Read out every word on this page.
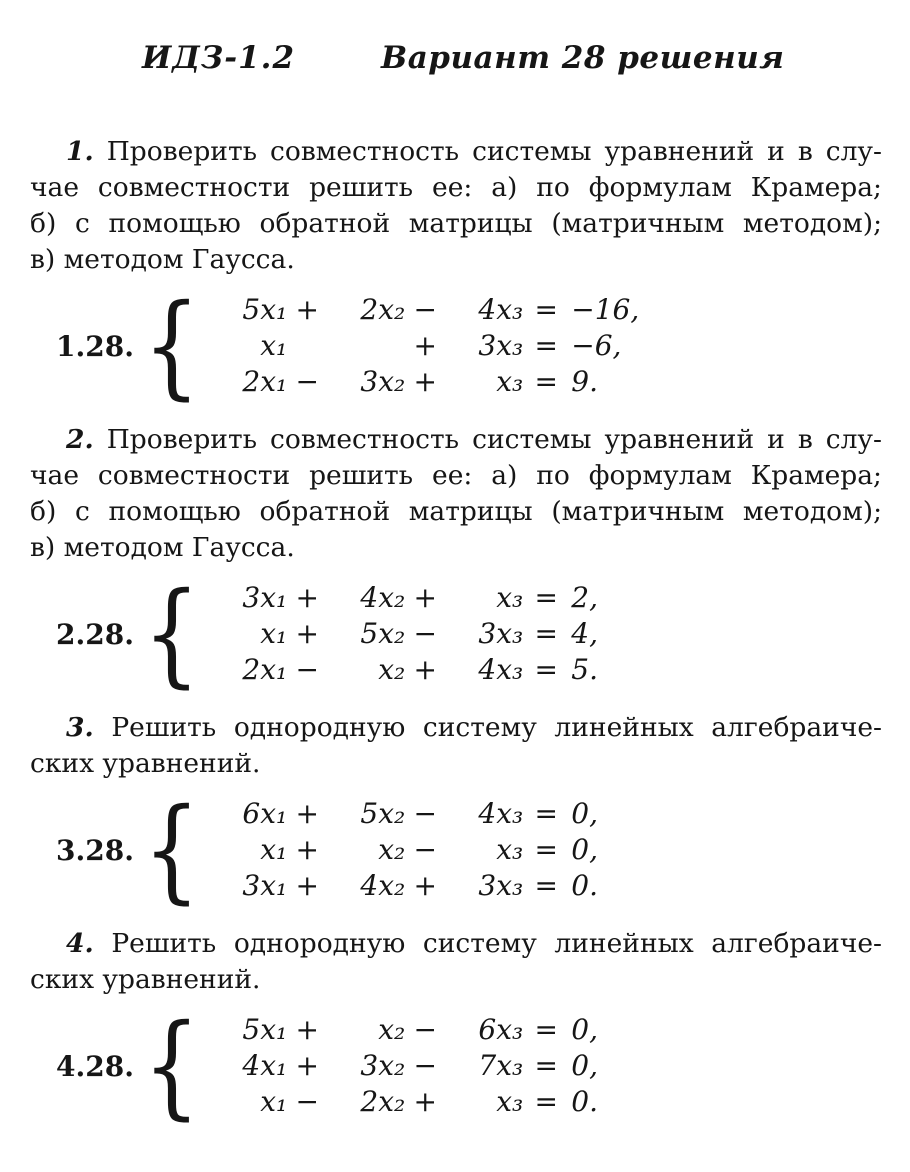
ИДЗ-1.2	Вариант 28 решения

1. Проверить совместность системы уравнений и в слу-
чае совместности решить ее: а) по формулам Крамера;
б) с помощью обратной матрицы (матричным методом);
в) методом Гаусса.

1.28. {	5x₁ +	2x₂ −	4x₃ = −16,
x₁	+	3x₃ = −6,
2x₁ −	3x₂ +	x₃ = 9.

2. Проверить совместность системы уравнений и в слу-
чае совместности решить ее: а) по формулам Крамера;
б) с помощью обратной матрицы (матричным методом);
в) методом Гаусса.

2.28. {	3x₁ +	4x₂ +	x₃ = 2,
x₁ +	5x₂ −	3x₃ = 4,
2x₁ −	x₂ +	4x₃ = 5.

3. Решить однородную систему линейных алгебраиче-
ских уравнений.

3.28. {	6x₁ +	5x₂ −	4x₃ = 0,
x₁ +	x₂ −	x₃ = 0,
3x₁ +	4x₂ +	3x₃ = 0.

4. Решить однородную систему линейных алгебраиче-
ских уравнений.

4.28. {	5x₁ +	x₂ −	6x₃ = 0,
4x₁ +	3x₂ −	7x₃ = 0,
x₁ −	2x₂ +	x₃ = 0.
